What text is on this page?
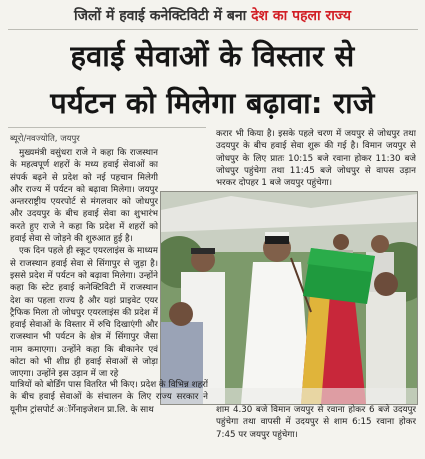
जिलों में हवाई कनेक्टिविटी में बना देश का पहला राज्य
हवाई सेवाओं के विस्तार से
पर्यटन को मिलेगा बढ़ावा: राजे
ब्यूरो/नवज्योति, जयपुर

मुख्यमंत्री वसुंधरा राजे ने कहा कि राजस्थान के महत्वपूर्ण शहरों के मध्य हवाई सेवाओं का संपर्क बढ़ने से प्रदेश को नई पहचान मिलेगी और राज्य में पर्यटन को बढ़ावा मिलेगा। जयपुर अन्तरराष्ट्रीय एयरपोर्ट से मंगलवार को जोधपुर और उदयपुर के बीच हवाई सेवा का शुभारंभ करते हुए राजे ने कहा कि प्रदेश में शहरों को हवाई सेवा से जोड़ने की शुरुआत हुई है।

एक दिन पहले ही स्कूट एयरलाइंस के माध्यम से राजस्थान हवाई सेवा से सिंगापुर से जुड़ा है। इससे प्रदेश में पर्यटन को बढ़ावा मिलेगा। उन्होंने कहा कि स्टेट हवाई कनेक्टिविटी में राजस्थान देश का पहला राज्य है और यहां प्राइवेट एयर ट्रैफिक मिला तो जोधपुर एयरलाइंस की प्रदेश में हवाई सेवाओं के विस्तार में रुचि दिखाएंगी और राजस्थान भी पर्यटन के क्षेत्र में सिंगापुर जैसा नाम कमाएगा। उन्होंने कहा कि बीकानेर एवं कोटा को भी शीघ्र ही हवाई सेवाओं से जोड़ा जाएगा। उन्होंने इस उड़ान में जा रहे

करार भी किया है। इसके पहले चरण में जयपुर से जोधपुर तथा उदयपुर के बीच हवाई सेवा शुरू की गई है। विमान जयपुर से जोधपुर के लिए प्रातः 10:15 बजे रवाना होकर 11:30 बजे जोधपुर पहुंचेगा तथा 11:45 बजे जोधपुर से वापस उड़ान भरकर दोपहर 1 बजे जयपुर पहुंचेगा।

यात्रियों को बोर्डिंग पास वितरित भी किए। प्रदेश के विभिन्न शहरों के बीच हवाई सेवाओं के संचालन के लिए राज्य सरकार ने यूनीम ट्रांसपोर्ट अॉर्गेनाइजेशन प्रा.लि. के साथ	शाम 4.30 बजे विमान जयपुर से रवाना होकर 6 बजे उदयपुर पहुंचेगा तथा वापसी में उदयपुर से शाम 6:15 रवाना होकर 7:45 पर जयपुर पहुंचेगा।
